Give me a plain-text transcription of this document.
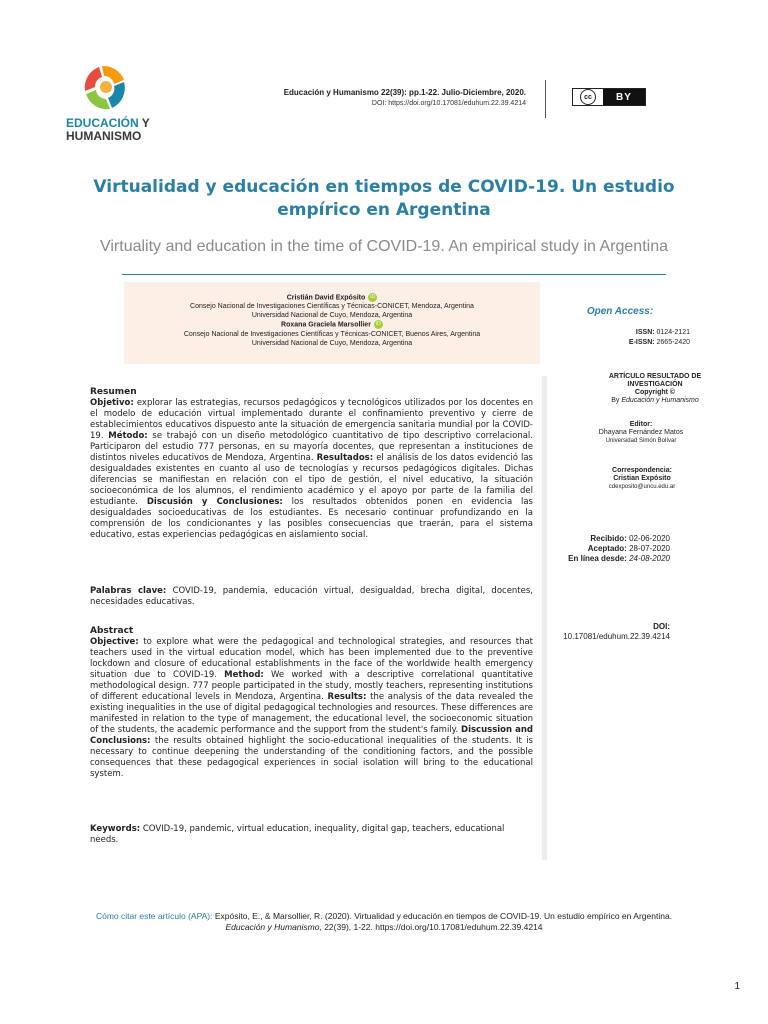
EDUCACIÓN Y
HUMANISMO
Educación y Humanismo 22(39): pp.1-22. Julio-Diciembre, 2020.
DOI: https://doi.org/10.17081/eduhum.22.39.4214
cc	BY
Virtualidad y educación en tiempos de COVID-19. Un estudio empírico en Argentina
Virtuality and education in the time of COVID-19. An empirical study in Argentina
Cristián David Expósito iD
Consejo Nacional de Investigaciones Científicas y Técnicas-CONICET, Mendoza, Argentina
Universidad Nacional de Cuyo, Mendoza, Argentina
Roxana Graciela Marsollier iD
Consejo Nacional de Investigaciones Científicas y Técnicas-CONICET, Buenos Aires, Argentina
Universidad Nacional de Cuyo, Mendoza, Argentina
Open Access:
ISSN: 0124-2121
E-ISSN: 2665-2420
ARTÍCULO RESULTADO DE INVESTIGACIÓN
Copyright ©
By Educación y Humanismo
Editor:
Dhayana Fernández Matos
Universidad Simón Bolívar
Correspondencia:
Cristian Expósito
cdexposito@uncu.edu.ar
Recibido: 02-06-2020
Aceptado: 28-07-2020
En línea desde: 24-08-2020
DOI:
10.17081/eduhum.22.39.4214
Resumen
Objetivo: explorar las estrategias, recursos pedagógicos y tecnológicos utilizados por los docentes en el modelo de educación virtual implementado durante el confinamiento preventivo y cierre de establecimientos educativos dispuesto ante la situación de emergencia sanitaria mundial por la COVID-19. Método: se trabajó con un diseño metodológico cuantitativo de tipo descriptivo correlacional. Participaron del estudio 777 personas, en su mayoría docentes, que representan a instituciones de distintos niveles educativos de Mendoza, Argentina. Resultados: el análisis de los datos evidenció las desigualdades existentes en cuanto al uso de tecnologías y recursos pedagógicos digitales. Dichas diferencias se manifiestan en relación con el tipo de gestión, el nivel educativo, la situación socioeconómica de los alumnos, el rendimiento académico y el apoyo por parte de la familia del estudiante. Discusión y Conclusiones: los resultados obtenidos ponen en evidencia las desigualdades socioeducativas de los estudiantes. Es necesario continuar profundizando en la comprensión de los condicionantes y las posibles consecuencias que traerán, para el sistema educativo, estas experiencias pedagógicas en aislamiento social.
Palabras clave: COVID-19, pandemia, educación virtual, desigualdad, brecha digital, docentes, necesidades educativas.
Abstract
Objective: to explore what were the pedagogical and technological strategies, and resources that teachers used in the virtual education model, which has been implemented due to the preventive lockdown and closure of educational establishments in the face of the worldwide health emergency situation due to COVID-19. Method: We worked with a descriptive correlational quantitative methodological design. 777 people participated in the study, mostly teachers, representing institutions of different educational levels in Mendoza, Argentina. Results: the analysis of the data revealed the existing inequalities in the use of digital pedagogical technologies and resources. These differences are manifested in relation to the type of management, the educational level, the socioeconomic situation of the students, the academic performance and the support from the student's family. Discussion and Conclusions: the results obtained highlight the socio-educational inequalities of the students. It is necessary to continue deepening the understanding of the conditioning factors, and the possible consequences that these pedagogical experiences in social isolation will bring to the educational system.
Keywords: COVID-19, pandemic, virtual education, inequality, digital gap, teachers, educational needs.
Cómo citar este artículo (APA): Expósito, E., & Marsollier, R. (2020). Virtualidad y educación en tiempos de COVID-19. Un estudio empírico en Argentina. Educación y Humanismo, 22(39), 1-22. https://doi.org/10.17081/eduhum.22.39.4214
1
